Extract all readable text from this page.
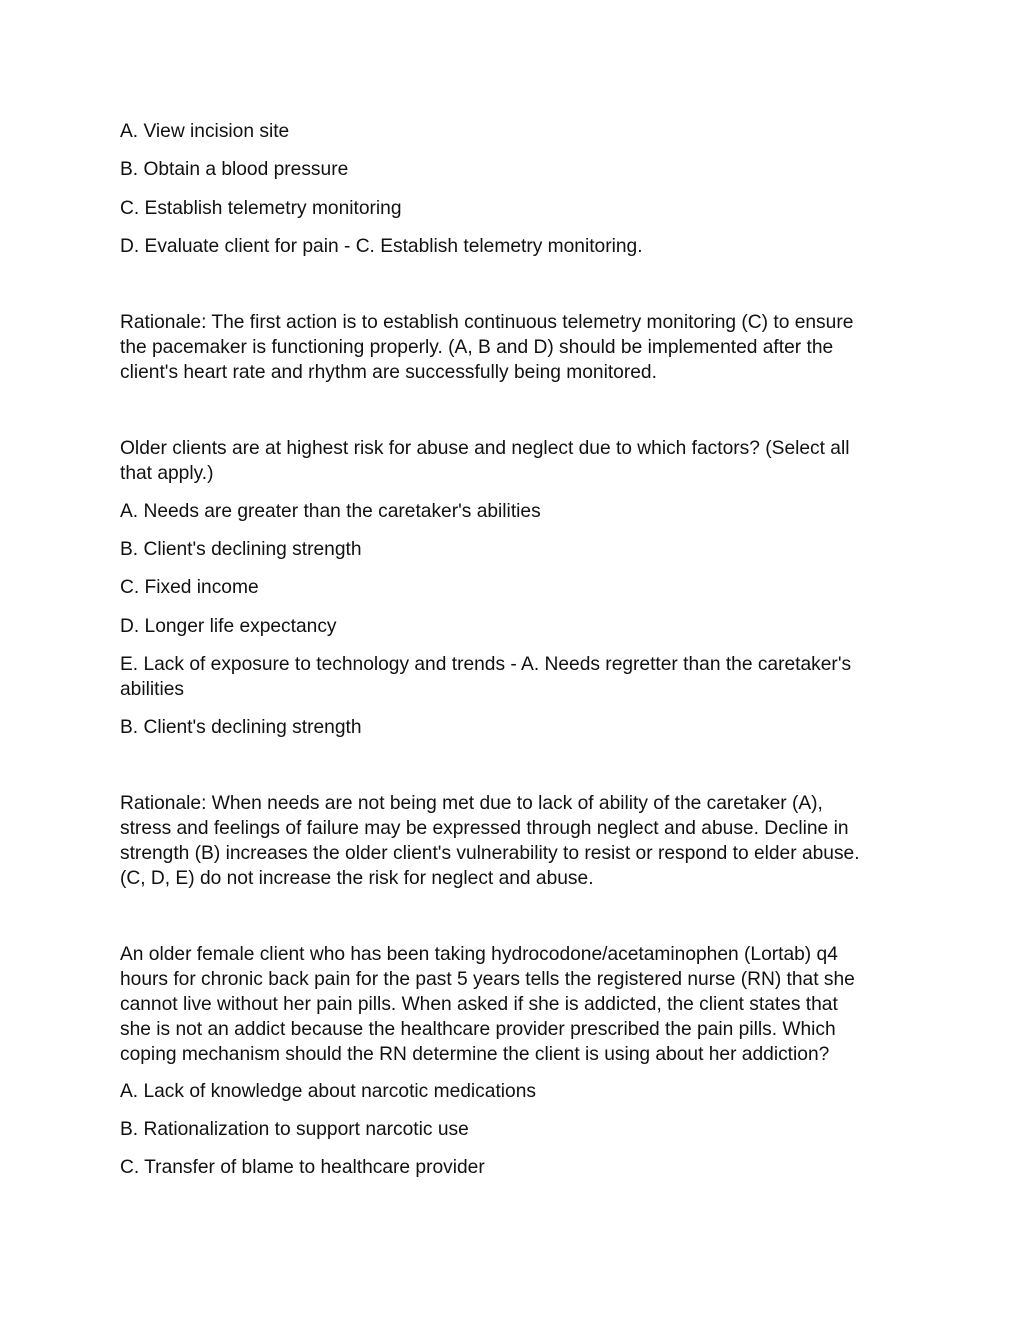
A. View incision site
B. Obtain a blood pressure
C. Establish telemetry monitoring
D. Evaluate client for pain - C. Establish telemetry monitoring.
Rationale: The first action is to establish continuous telemetry monitoring (C) to ensure
the pacemaker is functioning properly. (A, B and D) should be implemented after the
client's heart rate and rhythm are successfully being monitored.
Older clients are at highest risk for abuse and neglect due to which factors? (Select all
that apply.)
A. Needs are greater than the caretaker's abilities
B. Client's declining strength
C. Fixed income
D. Longer life expectancy
E. Lack of exposure to technology and trends - A. Needs regretter than the caretaker's
abilities
B. Client's declining strength
Rationale: When needs are not being met due to lack of ability of the caretaker (A),
stress and feelings of failure may be expressed through neglect and abuse. Decline in
strength (B) increases the older client's vulnerability to resist or respond to elder abuse.
(C, D, E) do not increase the risk for neglect and abuse.
An older female client who has been taking hydrocodone/acetaminophen (Lortab) q4
hours for chronic back pain for the past 5 years tells the registered nurse (RN) that she
cannot live without her pain pills. When asked if she is addicted, the client states that
she is not an addict because the healthcare provider prescribed the pain pills. Which
coping mechanism should the RN determine the client is using about her addiction?
A. Lack of knowledge about narcotic medications
B. Rationalization to support narcotic use
C. Transfer of blame to healthcare provider
